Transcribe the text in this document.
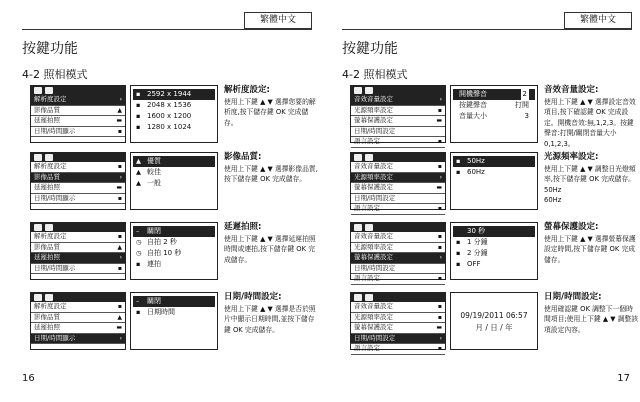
繁體中文
按鍵功能
4-2 照相模式
解析度設定	›
影像品質	▲
延遲拍照	▬
日期/時間顯示	▪
▪ 2592 x 1944
▪ 2048 x 1536
▪ 1600 x 1200
▪ 1280 x 1024
解析度設定:
使用上下鍵 ▲ ▼ 選擇您要的解析度,按下儲存鍵 OK 完成儲存。
解析度設定	▪
影像品質	›
延遲拍照	▬
日期/時間顯示	▪
▲ 優質
▲ 較佳
▲ 一般
影像品質:
使用上下鍵 ▲ ▼ 選擇影像品質,按下儲存鍵 OK 完成儲存。
解析度設定	▪
影像品質	▲
延遲拍照	›
日期/時間顯示	▪
– 關閉
◷ 自拍 2 秒
◷ 自拍 10 秒
▪ 連拍
延遲拍照:
使用上下鍵 ▲ ▼ 選擇延遲拍照時間或連拍,按下儲存鍵 OK 完成儲存。
解析度設定	▪
影像品質	▲
延遲拍照	▬
日期/時間顯示	›
– 關閉
▪ 日期時間
日期/時間設定:
使用上下鍵 ▲ ▼ 選擇是否於照片中顯示日期時間,並按下儲存鍵 OK 完成儲存。
16
繁體中文
按鍵功能
4-2 照相模式
音效音量設定	›
光源頻率設定	▪
螢幕保護設定	▬
日期/時間設定
語言設定	▪
開機聲音	2
按鍵聲音	打開
音量大小	3
音效音量設定:
使用上下鍵 ▲ ▼ 選擇設定音效項目,按下確認鍵 OK 完成設定。開機音效:無,1,2,3。按鍵聲音:打開/關閉音量大小 0,1,2,3。
音效音量設定	▪
光源頻率設定	›
螢幕保護設定	▬
日期/時間設定
語言設定	▪
▪ 50Hz
▪ 60Hz
光源頻率設定:
使用上下鍵 ▲ ▼ 調整日光燈頻率,按下儲存鍵 OK 完成儲存。
50Hz
60Hz
音效音量設定	▪
光源頻率設定	▪
螢幕保護設定	›
日期/時間設定
語言設定	▪
30 秒
▪ 1 分鐘
▪ 2 分鐘
▪ OFF
螢幕保護設定:
使用上下鍵 ▲ ▼ 選擇螢幕保護設定時間,按下儲存鍵 OK 完成儲存。
音效音量設定	▪
光源頻率設定	▪
螢幕保護設定	▬
日期/時間設定	›
語言設定	▪
09/19/2011 06:57
月 / 日 / 年
日期/時間設定:
使用確認鍵 OK 調整下一個時間項目;使用上下鍵 ▲ ▼ 調整該項設定內容。
17
